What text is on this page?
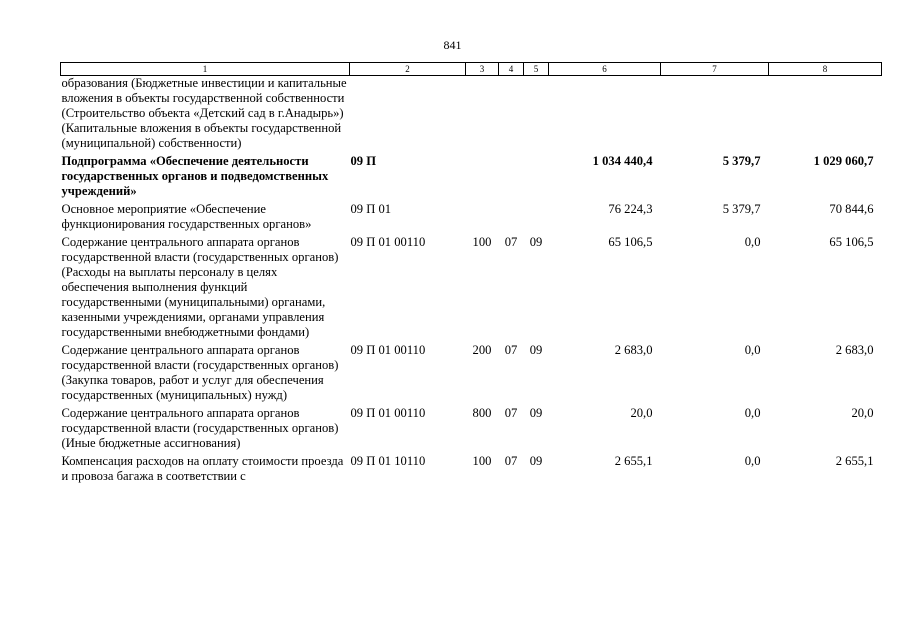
841
1	2	3	4	5	6	7	8
образования (Бюджетные инвестиции и капитальные вложения в объекты государственной собственности (Строительство объекта «Детский сад в г.Анадырь») (Капитальные вложения в объекты государственной (муниципальной) собственности)							
Подпрограмма «Обеспечение деятельности государственных органов и подведомственных учреждений»	09 П				1 034 440,4	5 379,7	1 029 060,7
Основное мероприятие «Обеспечение функционирования государственных органов»	09 П 01				76 224,3	5 379,7	70 844,6
Содержание центрального аппарата органов государственной власти (государственных органов) (Расходы на выплаты персоналу в целях обеспечения выполнения функций государственными (муниципальными) органами, казенными учреждениями, органами управления государственными внебюджетными фондами)	09 П 01 00110	100	07	09	65 106,5	0,0	65 106,5
Содержание центрального аппарата органов государственной власти (государственных органов) (Закупка товаров, работ и услуг для обеспечения государственных (муниципальных) нужд)	09 П 01 00110	200	07	09	2 683,0	0,0	2 683,0
Содержание центрального аппарата органов государственной власти (государственных органов) (Иные бюджетные ассигнования)	09 П 01 00110	800	07	09	20,0	0,0	20,0
Компенсация расходов на оплату стоимости проезда и провоза багажа в соответствии с	09 П 01 10110	100	07	09	2 655,1	0,0	2 655,1
